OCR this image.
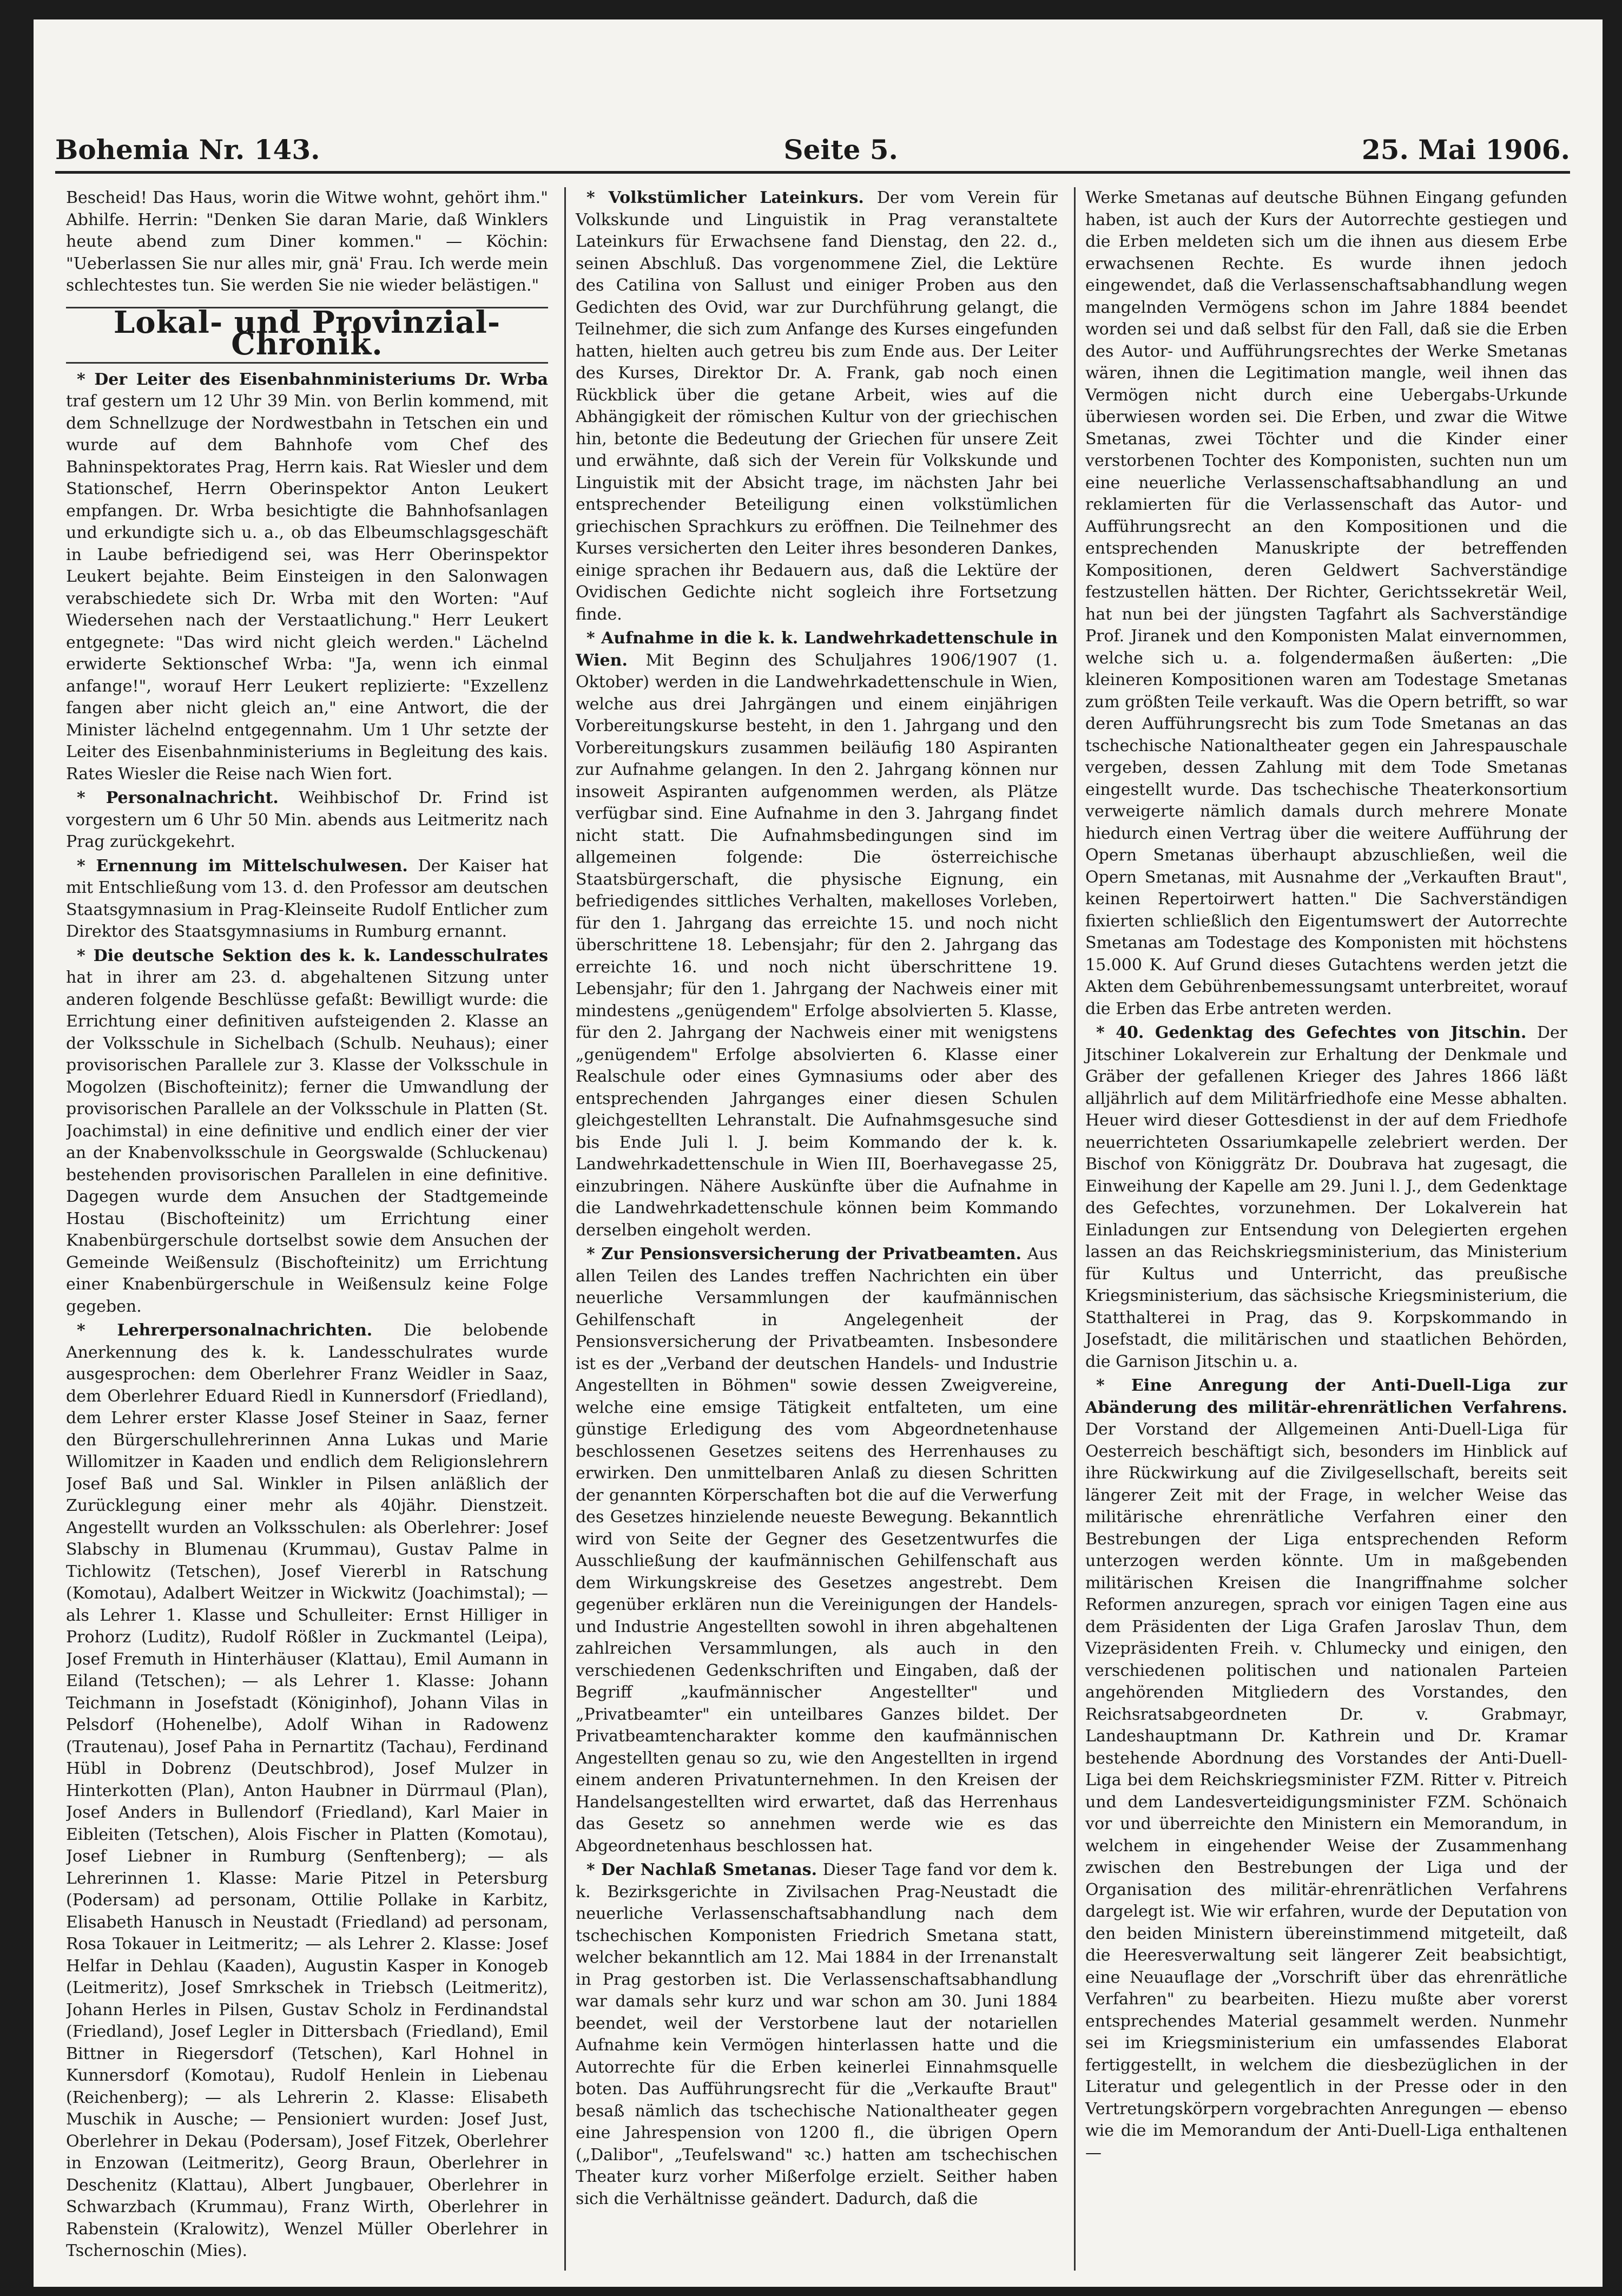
Bohemia Nr. 143.	Seite 5.	25. Mai 1906.

Bescheid! Das Haus, worin die Witwe wohnt, gehört ihm." Abhilfe. Herrin: "Denken Sie daran Marie, daß Winklers heute abend zum Diner kommen." — Köchin: "Ueberlassen Sie nur alles mir, gnä' Frau. Ich werde mein schlechtestes tun. Sie werden Sie nie wieder belästigen."

Lokal- und Provinzial-Chronik.

* Der Leiter des Eisenbahnministeriums Dr. Wrba traf gestern um 12 Uhr 39 Min. von Berlin kommend, mit dem Schnellzuge der Nordwestbahn in Tetschen ein und wurde auf dem Bahnhofe vom Chef des Bahninspektorates Prag, Herrn kais. Rat Wiesler und dem Stationschef, Herrn Oberinspektor Anton Leukert empfangen. Dr. Wrba besichtigte die Bahnhofsanlagen und erkundigte sich u. a., ob das Elbeumschlagsgeschäft in Laube befriedigend sei, was Herr Oberinspektor Leukert bejahte. Beim Einsteigen in den Salonwagen verabschiedete sich Dr. Wrba mit den Worten: "Auf Wiedersehen nach der Verstaatlichung." Herr Leukert entgegnete: "Das wird nicht gleich werden." Lächelnd erwiderte Sektionschef Wrba: "Ja, wenn ich einmal anfange!", worauf Herr Leukert replizierte: "Exzellenz fangen aber nicht gleich an," eine Antwort, die der Minister lächelnd entgegennahm. Um 1 Uhr setzte der Leiter des Eisenbahnministeriums in Begleitung des kais. Rates Wiesler die Reise nach Wien fort.

* Personalnachricht. Weihbischof Dr. Frind ist vorgestern um 6 Uhr 50 Min. abends aus Leitmeritz nach Prag zurückgekehrt.

* Ernennung im Mittelschulwesen. Der Kaiser hat mit Entschließung vom 13. d. den Professor am deutschen Staatsgymnasium in Prag-Kleinseite Rudolf Entlicher zum Direktor des Staatsgymnasiums in Rumburg ernannt.

* Die deutsche Sektion des k. k. Landesschulrates hat in ihrer am 23. d. abgehaltenen Sitzung unter anderen folgende Beschlüsse gefaßt: Bewilligt wurde: die Errichtung einer definitiven aufsteigenden 2. Klasse an der Volksschule in Sichelbach (Schulb. Neuhaus); einer provisorischen Parallele zur 3. Klasse der Volksschule in Mogolzen (Bischofteinitz); ferner die Umwandlung der provisorischen Parallele an der Volksschule in Platten (St. Joachimstal) in eine definitive und endlich einer der vier an der Knabenvolksschule in Georgswalde (Schluckenau) bestehenden provisorischen Parallelen in eine definitive. Dagegen wurde dem Ansuchen der Stadtgemeinde Hostau (Bischofteinitz) um Errichtung einer Knabenbürgerschule dortselbst sowie dem Ansuchen der Gemeinde Weißensulz (Bischofteinitz) um Errichtung einer Knabenbürgerschule in Weißensulz keine Folge gegeben.

* Lehrerpersonalnachrichten. Die belobende Anerkennung des k. k. Landesschulrates wurde ausgesprochen: dem Oberlehrer Franz Weidler in Saaz, dem Oberlehrer Eduard Riedl in Kunnersdorf (Friedland), dem Lehrer erster Klasse Josef Steiner in Saaz, ferner den Bürgerschullehrerinnen Anna Lukas und Marie Willomitzer in Kaaden und endlich dem Religionslehrern Josef Baß und Sal. Winkler in Pilsen anläßlich der Zurücklegung einer mehr als 40jähr. Dienstzeit. Angestellt wurden an Volksschulen: als Oberlehrer: Josef Slabschy in Blumenau (Krummau), Gustav Palme in Tichlowitz (Tetschen), Josef Viererbl in Ratschung (Komotau), Adalbert Weitzer in Wickwitz (Joachimstal); — als Lehrer 1. Klasse und Schulleiter: Ernst Hilliger in Prohorz (Luditz), Rudolf Rößler in Zuckmantel (Leipa), Josef Fremuth in Hinterhäuser (Klattau), Emil Aumann in Eiland (Tetschen); — als Lehrer 1. Klasse: Johann Teichmann in Josefstadt (Königinhof), Johann Vilas in Pelsdorf (Hohenelbe), Adolf Wihan in Radowenz (Trautenau), Josef Paha in Pernartitz (Tachau), Ferdinand Hübl in Dobrenz (Deutschbrod), Josef Mulzer in Hinterkotten (Plan), Anton Haubner in Dürrmaul (Plan), Josef Anders in Bullendorf (Friedland), Karl Maier in Eibleiten (Tetschen), Alois Fischer in Platten (Komotau), Josef Liebner in Rumburg (Senftenberg); — als Lehrerinnen 1. Klasse: Marie Pitzel in Petersburg (Podersam) ad personam, Ottilie Pollake in Karbitz, Elisabeth Hanusch in Neustadt (Friedland) ad personam, Rosa Tokauer in Leitmeritz; — als Lehrer 2. Klasse: Josef Helfar in Dehlau (Kaaden), Augustin Kasper in Konogeb (Leitmeritz), Josef Smrkschek in Triebsch (Leitmeritz), Johann Herles in Pilsen, Gustav Scholz in Ferdinandstal (Friedland), Josef Legler in Dittersbach (Friedland), Emil Bittner in Riegersdorf (Tetschen), Karl Hohnel in Kunnersdorf (Komotau), Rudolf Henlein in Liebenau (Reichenberg); — als Lehrerin 2. Klasse: Elisabeth Muschik in Ausche; — Pensioniert wurden: Josef Just, Oberlehrer in Dekau (Podersam), Josef Fitzek, Oberlehrer in Enzowan (Leitmeritz), Georg Braun, Oberlehrer in Deschenitz (Klattau), Albert Jungbauer, Oberlehrer in Schwarzbach (Krummau), Franz Wirth, Oberlehrer in Rabenstein (Kralowitz), Wenzel Müller Oberlehrer in Tschernoschin (Mies).

* Volkstümlicher Lateinkurs. Der vom Verein für Volkskunde und Linguistik in Prag veranstaltete Lateinkurs für Erwachsene fand Dienstag, den 22. d., seinen Abschluß. Das vorgenommene Ziel, die Lektüre des Catilina von Sallust und einiger Proben aus den Gedichten des Ovid, war zur Durchführung gelangt, die Teilnehmer, die sich zum Anfange des Kurses eingefunden hatten, hielten auch getreu bis zum Ende aus. Der Leiter des Kurses, Direktor Dr. A. Frank, gab noch einen Rückblick über die getane Arbeit, wies auf die Abhängigkeit der römischen Kultur von der griechischen hin, betonte die Bedeutung der Griechen für unsere Zeit und erwähnte, daß sich der Verein für Volkskunde und Linguistik mit der Absicht trage, im nächsten Jahr bei entsprechender Beteiligung einen volkstümlichen griechischen Sprachkurs zu eröffnen. Die Teilnehmer des Kurses versicherten den Leiter ihres besonderen Dankes, einige sprachen ihr Bedauern aus, daß die Lektüre der Ovidischen Gedichte nicht sogleich ihre Fortsetzung finde.

* Aufnahme in die k. k. Landwehrkadettenschule in Wien. Mit Beginn des Schuljahres 1906/1907 (1. Oktober) werden in die Landwehrkadettenschule in Wien, welche aus drei Jahrgängen und einem einjährigen Vorbereitungskurse besteht, in den 1. Jahrgang und den Vorbereitungskurs zusammen beiläufig 180 Aspiranten zur Aufnahme gelangen. In den 2. Jahrgang können nur insoweit Aspiranten aufgenommen werden, als Plätze verfügbar sind. Eine Aufnahme in den 3. Jahrgang findet nicht statt. Die Aufnahmsbedingungen sind im allgemeinen folgende: Die österreichische Staatsbürgerschaft, die physische Eignung, ein befriedigendes sittliches Verhalten, makelloses Vorleben, für den 1. Jahrgang das erreichte 15. und noch nicht überschrittene 18. Lebensjahr; für den 2. Jahrgang das erreichte 16. und noch nicht überschrittene 19. Lebensjahr; für den 1. Jahrgang der Nachweis einer mit mindestens „genügendem" Erfolge absolvierten 5. Klasse, für den 2. Jahrgang der Nachweis einer mit wenigstens „genügendem" Erfolge absolvierten 6. Klasse einer Realschule oder eines Gymnasiums oder aber des entsprechenden Jahrganges einer diesen Schulen gleichgestellten Lehranstalt. Die Aufnahmsgesuche sind bis Ende Juli l. J. beim Kommando der k. k. Landwehrkadettenschule in Wien III, Boerhavegasse 25, einzubringen. Nähere Auskünfte über die Aufnahme in die Landwehrkadettenschule können beim Kommando derselben eingeholt werden.

* Zur Pensionsversicherung der Privatbeamten. Aus allen Teilen des Landes treffen Nachrichten ein über neuerliche Versammlungen der kaufmännischen Gehilfenschaft in Angelegenheit der Pensionsversicherung der Privatbeamten. Insbesondere ist es der „Verband der deutschen Handels- und Industrie Angestellten in Böhmen" sowie dessen Zweigvereine, welche eine emsige Tätigkeit entfalteten, um eine günstige Erledigung des vom Abgeordnetenhause beschlossenen Gesetzes seitens des Herrenhauses zu erwirken. Den unmittelbaren Anlaß zu diesen Schritten der genannten Körperschaften bot die auf die Verwerfung des Gesetzes hinzielende neueste Bewegung. Bekanntlich wird von Seite der Gegner des Gesetzentwurfes die Ausschließung der kaufmännischen Gehilfenschaft aus dem Wirkungskreise des Gesetzes angestrebt. Dem gegenüber erklären nun die Vereinigungen der Handels- und Industrie Angestellten sowohl in ihren abgehaltenen zahlreichen Versammlungen, als auch in den verschiedenen Gedenkschriften und Eingaben, daß der Begriff „kaufmännischer Angestellter" und „Privatbeamter" ein unteilbares Ganzes bildet. Der Privatbeamtencharakter komme den kaufmännischen Angestellten genau so zu, wie den Angestellten in irgend einem anderen Privatunternehmen. In den Kreisen der Handelsangestellten wird erwartet, daß das Herrenhaus das Gesetz so annehmen werde wie es das Abgeordnetenhaus beschlossen hat.

* Der Nachlaß Smetanas. Dieser Tage fand vor dem k. k. Bezirksgerichte in Zivilsachen Prag-Neustadt die neuerliche Verlassenschaftsabhandlung nach dem tschechischen Komponisten Friedrich Smetana statt, welcher bekanntlich am 12. Mai 1884 in der Irrenanstalt in Prag gestorben ist. Die Verlassenschaftsabhandlung war damals sehr kurz und war schon am 30. Juni 1884 beendet, weil der Verstorbene laut der notariellen Aufnahme kein Vermögen hinterlassen hatte und die Autorrechte für die Erben keinerlei Einnahmsquelle boten. Das Aufführungsrecht für die „Verkaufte Braut" besaß nämlich das tschechische Nationaltheater gegen eine Jahrespension von 1200 fl., die übrigen Opern („Dalibor", „Teufelswand" ꝛc.) hatten am tschechischen Theater kurz vorher Mißerfolge erzielt. Seither haben sich die Verhältnisse geändert. Dadurch, daß die

Werke Smetanas auf deutsche Bühnen Eingang gefunden haben, ist auch der Kurs der Autorrechte gestiegen und die Erben meldeten sich um die ihnen aus diesem Erbe erwachsenen Rechte. Es wurde ihnen jedoch eingewendet, daß die Verlassenschaftsabhandlung wegen mangelnden Vermögens schon im Jahre 1884 beendet worden sei und daß selbst für den Fall, daß sie die Erben des Autor- und Aufführungsrechtes der Werke Smetanas wären, ihnen die Legitimation mangle, weil ihnen das Vermögen nicht durch eine Uebergabs-Urkunde überwiesen worden sei. Die Erben, und zwar die Witwe Smetanas, zwei Töchter und die Kinder einer verstorbenen Tochter des Komponisten, suchten nun um eine neuerliche Verlassenschaftsabhandlung an und reklamierten für die Verlassenschaft das Autor- und Aufführungsrecht an den Kompositionen und die entsprechenden Manuskripte der betreffenden Kompositionen, deren Geldwert Sachverständige festzustellen hätten. Der Richter, Gerichtssekretär Weil, hat nun bei der jüngsten Tagfahrt als Sachverständige Prof. Jiranek und den Komponisten Malat einvernommen, welche sich u. a. folgendermaßen äußerten: „Die kleineren Kompositionen waren am Todestage Smetanas zum größten Teile verkauft. Was die Opern betrifft, so war deren Aufführungsrecht bis zum Tode Smetanas an das tschechische Nationaltheater gegen ein Jahrespauschale vergeben, dessen Zahlung mit dem Tode Smetanas eingestellt wurde. Das tschechische Theaterkonsortium verweigerte nämlich damals durch mehrere Monate hiedurch einen Vertrag über die weitere Aufführung der Opern Smetanas überhaupt abzuschließen, weil die Opern Smetanas, mit Ausnahme der „Verkauften Braut", keinen Repertoirwert hatten." Die Sachverständigen fixierten schließlich den Eigentumswert der Autorrechte Smetanas am Todestage des Komponisten mit höchstens 15.000 K. Auf Grund dieses Gutachtens werden jetzt die Akten dem Gebührenbemessungsamt unterbreitet, worauf die Erben das Erbe antreten werden.

* 40. Gedenktag des Gefechtes von Jitschin. Der Jitschiner Lokalverein zur Erhaltung der Denkmale und Gräber der gefallenen Krieger des Jahres 1866 läßt alljährlich auf dem Militärfriedhofe eine Messe abhalten. Heuer wird dieser Gottesdienst in der auf dem Friedhofe neuerrichteten Ossariumkapelle zelebriert werden. Der Bischof von Königgrätz Dr. Doubrava hat zugesagt, die Einweihung der Kapelle am 29. Juni l. J., dem Gedenktage des Gefechtes, vorzunehmen. Der Lokalverein hat Einladungen zur Entsendung von Delegierten ergehen lassen an das Reichskriegsministerium, das Ministerium für Kultus und Unterricht, das preußische Kriegsministerium, das sächsische Kriegsministerium, die Statthalterei in Prag, das 9. Korpskommando in Josefstadt, die militärischen und staatlichen Behörden, die Garnison Jitschin u. a.

* Eine Anregung der Anti-Duell-Liga zur Abänderung des militär-ehrenrätlichen Verfahrens. Der Vorstand der Allgemeinen Anti-Duell-Liga für Oesterreich beschäftigt sich, besonders im Hinblick auf ihre Rückwirkung auf die Zivilgesellschaft, bereits seit längerer Zeit mit der Frage, in welcher Weise das militärische ehrenrätliche Verfahren einer den Bestrebungen der Liga entsprechenden Reform unterzogen werden könnte. Um in maßgebenden militärischen Kreisen die Inangriffnahme solcher Reformen anzuregen, sprach vor einigen Tagen eine aus dem Präsidenten der Liga Grafen Jaroslav Thun, dem Vizepräsidenten Freih. v. Chlumecky und einigen, den verschiedenen politischen und nationalen Parteien angehörenden Mitgliedern des Vorstandes, den Reichsratsabgeordneten Dr. v. Grabmayr, Landeshauptmann Dr. Kathrein und Dr. Kramar bestehende Abordnung des Vorstandes der Anti-Duell-Liga bei dem Reichskriegsminister FZM. Ritter v. Pitreich und dem Landesverteidigungsminister FZM. Schönaich vor und überreichte den Ministern ein Memorandum, in welchem in eingehender Weise der Zusammenhang zwischen den Bestrebungen der Liga und der Organisation des militär-ehrenrätlichen Verfahrens dargelegt ist. Wie wir erfahren, wurde der Deputation von den beiden Ministern übereinstimmend mitgeteilt, daß die Heeresverwaltung seit längerer Zeit beabsichtigt, eine Neuauflage der „Vorschrift über das ehrenrätliche Verfahren" zu bearbeiten. Hiezu mußte aber vorerst entsprechendes Material gesammelt werden. Nunmehr sei im Kriegsministerium ein umfassendes Elaborat fertiggestellt, in welchem die diesbezüglichen in der Literatur und gelegentlich in der Presse oder in den Vertretungskörpern vorgebrachten Anregungen — ebenso wie die im Memorandum der Anti-Duell-Liga enthaltenen —
